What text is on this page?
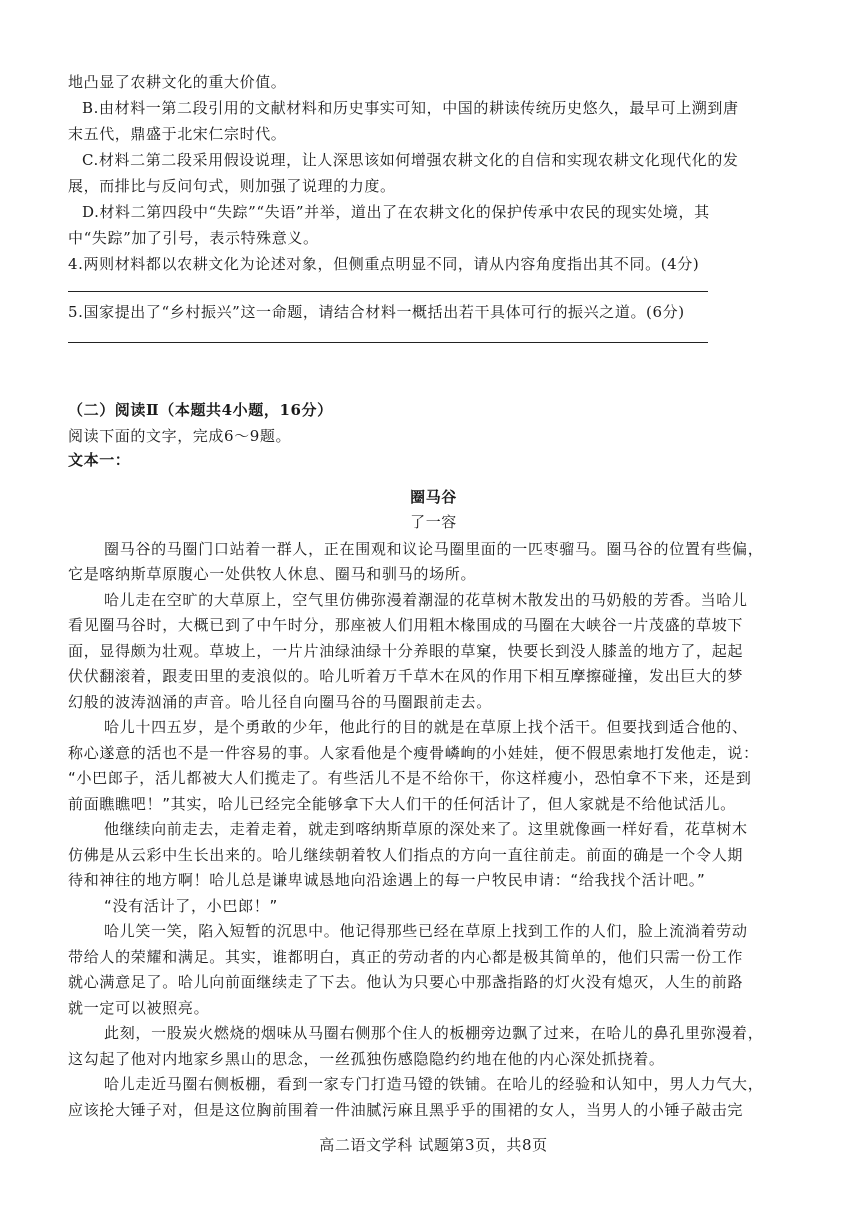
地凸显了农耕文化的重大价值。
B.由材料一第二段引用的文献材料和历史事实可知，中国的耕读传统历史悠久，最早可上溯到唐
末五代，鼎盛于北宋仁宗时代。
C.材料二第二段采用假设说理，让人深思该如何增强农耕文化的自信和实现农耕文化现代化的发
展，而排比与反问句式，则加强了说理的力度。
D.材料二第四段中“失踪”“失语”并举，道出了在农耕文化的保护传承中农民的现实处境，其
中“失踪”加了引号，表示特殊意义。
4.两则材料都以农耕文化为论述对象，但侧重点明显不同，请从内容角度指出其不同。(4分)
5.国家提出了“乡村振兴”这一命题，请结合材料一概括出若干具体可行的振兴之道。(6分)
（二）阅读Ⅱ（本题共4小题，16分）
阅读下面的文字，完成6～9题。
文本一：
圈马谷
了一容
圈马谷的马圈门口站着一群人，正在围观和议论马圈里面的一匹枣骝马。圈马谷的位置有些偏，
它是喀纳斯草原腹心一处供牧人休息、圈马和驯马的场所。
哈儿走在空旷的大草原上，空气里仿佛弥漫着潮湿的花草树木散发出的马奶般的芳香。当哈儿
看见圈马谷时，大概已到了中午时分，那座被人们用粗木椽围成的马圈在大峡谷一片茂盛的草坡下
面，显得颇为壮观。草坡上，一片片油绿油绿十分养眼的草窠，快要长到没人膝盖的地方了，起起
伏伏翻滚着，跟麦田里的麦浪似的。哈儿听着万千草木在风的作用下相互摩擦碰撞，发出巨大的梦
幻般的波涛汹涌的声音。哈儿径自向圈马谷的马圈跟前走去。
哈儿十四五岁，是个勇敢的少年，他此行的目的就是在草原上找个活干。但要找到适合他的、
称心遂意的活也不是一件容易的事。人家看他是个瘦骨嶙峋的小娃娃，便不假思索地打发他走，说：
“小巴郎子，活儿都被大人们揽走了。有些活儿不是不给你干，你这样瘦小，恐怕拿不下来，还是到
前面瞧瞧吧！”其实，哈儿已经完全能够拿下大人们干的任何活计了，但人家就是不给他试活儿。
他继续向前走去，走着走着，就走到喀纳斯草原的深处来了。这里就像画一样好看，花草树木
仿佛是从云彩中生长出来的。哈儿继续朝着牧人们指点的方向一直往前走。前面的确是一个令人期
待和神往的地方啊！哈儿总是谦卑诚恳地向沿途遇上的每一户牧民申请：“给我找个活计吧。”
“没有活计了，小巴郎！”
哈儿笑一笑，陷入短暂的沉思中。他记得那些已经在草原上找到工作的人们，脸上流淌着劳动
带给人的荣耀和满足。其实，谁都明白，真正的劳动者的内心都是极其简单的，他们只需一份工作
就心满意足了。哈儿向前面继续走了下去。他认为只要心中那盏指路的灯火没有熄灭，人生的前路
就一定可以被照亮。
此刻，一股炭火燃烧的烟味从马圈右侧那个住人的板棚旁边飘了过来，在哈儿的鼻孔里弥漫着，
这勾起了他对内地家乡黑山的思念，一丝孤独伤感隐隐约约地在他的内心深处抓挠着。
哈儿走近马圈右侧板棚，看到一家专门打造马镫的铁铺。在哈儿的经验和认知中，男人力气大，
应该抡大锤子对，但是这位胸前围着一件油腻污麻且黑乎乎的围裙的女人，当男人的小锤子敲击完
高二语文学科 试题第3页，共8页
